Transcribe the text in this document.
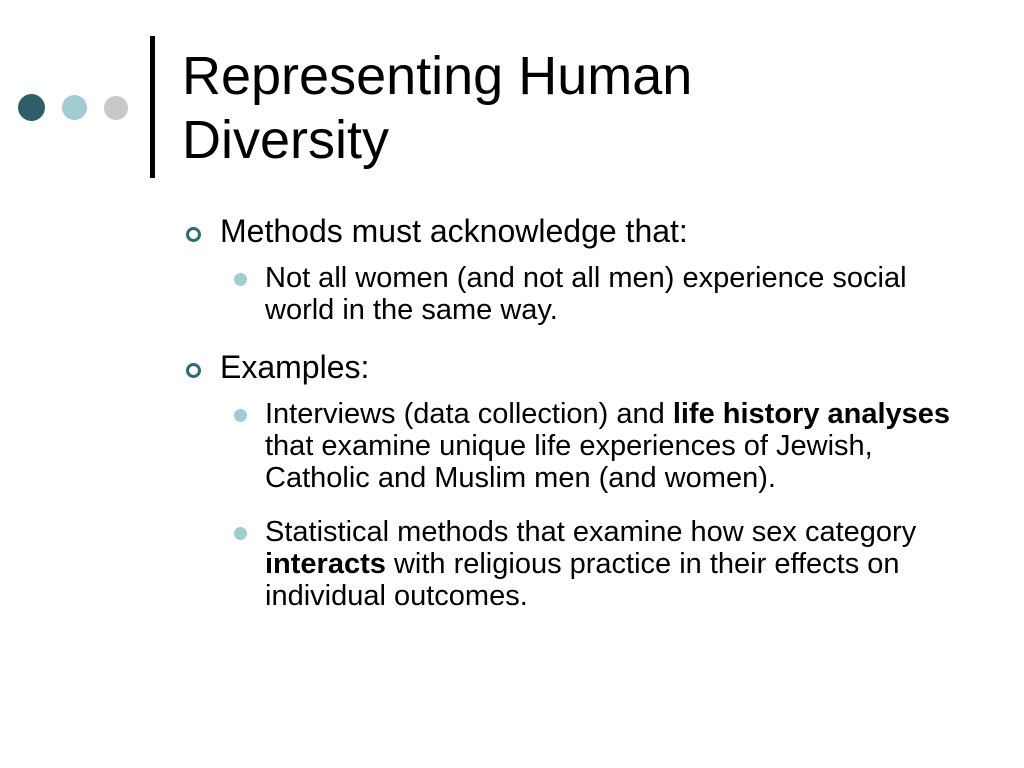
Representing Human
Diversity
Methods must acknowledge that:
Not all women (and not all men) experience social world in the same way.
Examples:
Interviews (data collection) and life history analyses that examine unique life experiences of Jewish, Catholic and Muslim men (and women).
Statistical methods that examine how sex category interacts with religious practice in their effects on individual outcomes.
